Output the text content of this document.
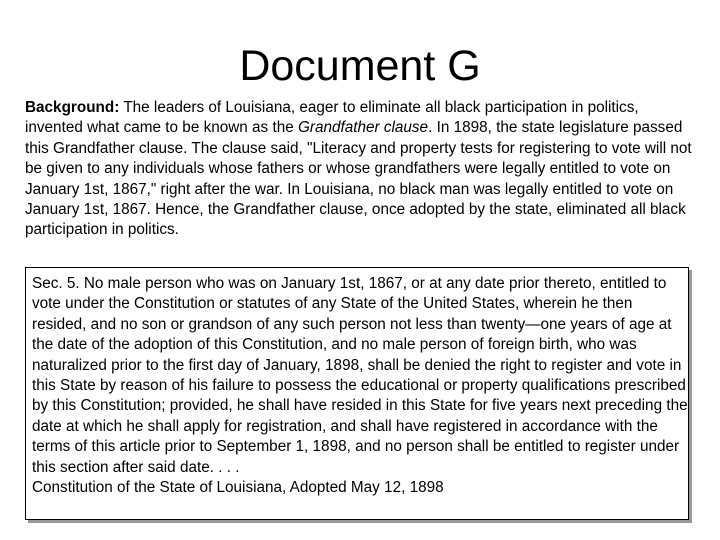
Document G
Background: The leaders of Louisiana, eager to eliminate all black participation in politics, invented what came to be known as the Grandfather clause. In 1898, the state legislature passed this Grandfather clause. The clause said, "Literacy and property tests for registering to vote will not be given to any individuals whose fathers or whose grandfathers were legally entitled to vote on January 1st, 1867," right after the war. In Louisiana, no black man was legally entitled to vote on January 1st, 1867. Hence, the Grandfather clause, once adopted by the state, eliminated all black participation in politics.
Sec. 5. No male person who was on January 1st, 1867, or at any date prior thereto, entitled to vote under the Constitution or statutes of any State of the United States, wherein he then resided, and no son or grandson of any such person not less than twenty—one years of age at the date of the adoption of this Constitution, and no male person of foreign birth, who was naturalized prior to the first day of January, 1898, shall be denied the right to register and vote in this State by reason of his failure to possess the educational or property qualifications prescribed by this Constitution; provided, he shall have resided in this State for five years next preceding the date at which he shall apply for registration, and shall have registered in accordance with the terms of this article prior to September 1, 1898, and no person shall be entitled to register under this section after said date. . . .
Constitution of the State of Louisiana, Adopted May 12, 1898
